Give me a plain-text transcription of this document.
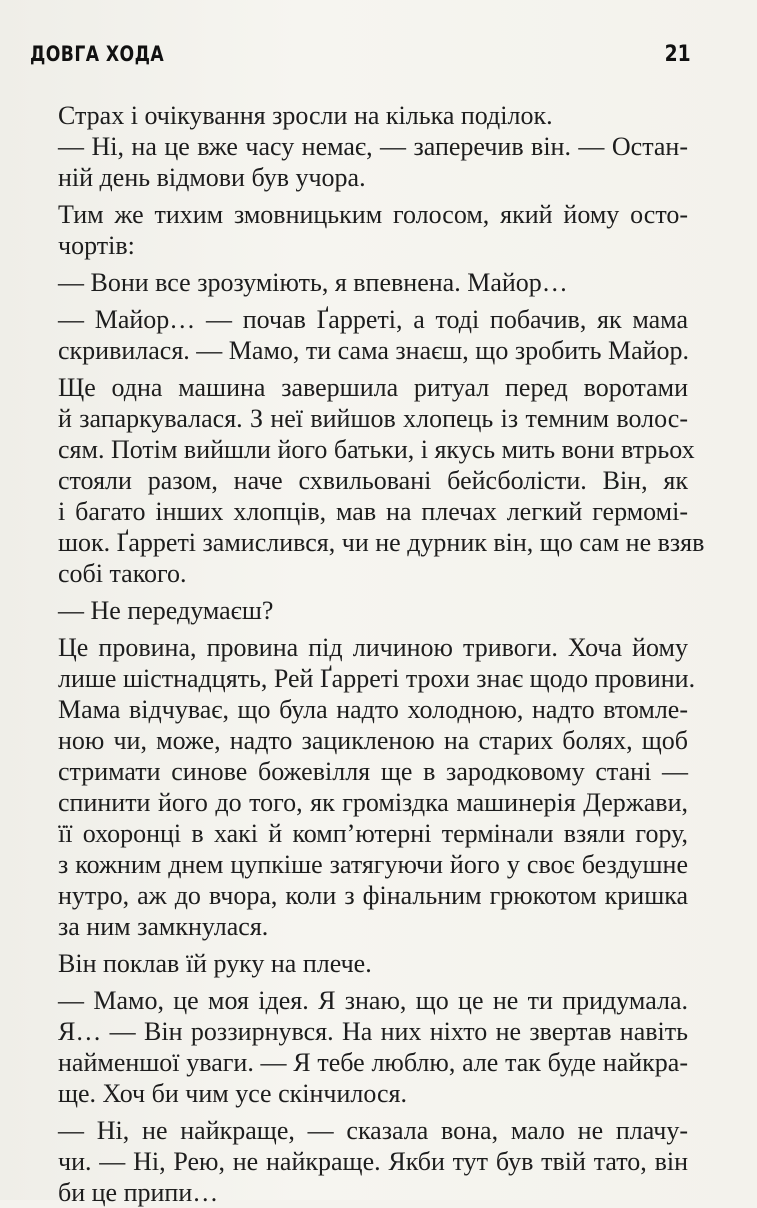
ДОВГА ХОДА	21
Страх і очікування зросли на кілька поділок.
— Ні, на це вже часу немає, — заперечив він. — Остан-
ній день відмови був учора.
Тим же тихим змовницьким голосом, який йому осто-
чортів:
— Вони все зрозуміють, я впевнена. Майор…
— Майор… — почав Ґарреті, а тоді побачив, як мама
скривилася. — Мамо, ти сама знаєш, що зробить Майор.
Ще одна машина завершила ритуал перед воротами
й запаркувалася. З неї вийшов хлопець із темним волос-
сям. Потім вийшли його батьки, і якусь мить вони втрьох
стояли разом, наче схвильовані бейсболісти. Він, як
і багато інших хлопців, мав на плечах легкий гермомі-
шок. Ґарреті замислився, чи не дурник він, що сам не взяв
собі такого.
— Не передумаєш?
Це провина, провина під личиною тривоги. Хоча йому
лише шістнадцять, Рей Ґарреті трохи знає щодо провини.
Мама відчуває, що була надто холодною, надто втомле-
ною чи, може, надто зацикленою на старих болях, щоб
стримати синове божевілля ще в зародковому стані —
спинити його до того, як громіздка машинерія Держави,
її охоронці в хакі й комп’ютерні термінали взяли гору,
з кожним днем цупкіше затягуючи його у своє бездушне
нутро, аж до вчора, коли з фінальним грюкотом кришка
за ним замкнулася.
Він поклав їй руку на плече.
— Мамо, це моя ідея. Я знаю, що це не ти придумала.
Я… — Він роззирнувся. На них ніхто не звертав навіть
найменшої уваги. — Я тебе люблю, але так буде найкра-
ще. Хоч би чим усе скінчилося.
— Ні, не найкраще, — сказала вона, мало не плачу-
чи. — Ні, Рею, не найкраще. Якби тут був твій тато, він
би це припи…
